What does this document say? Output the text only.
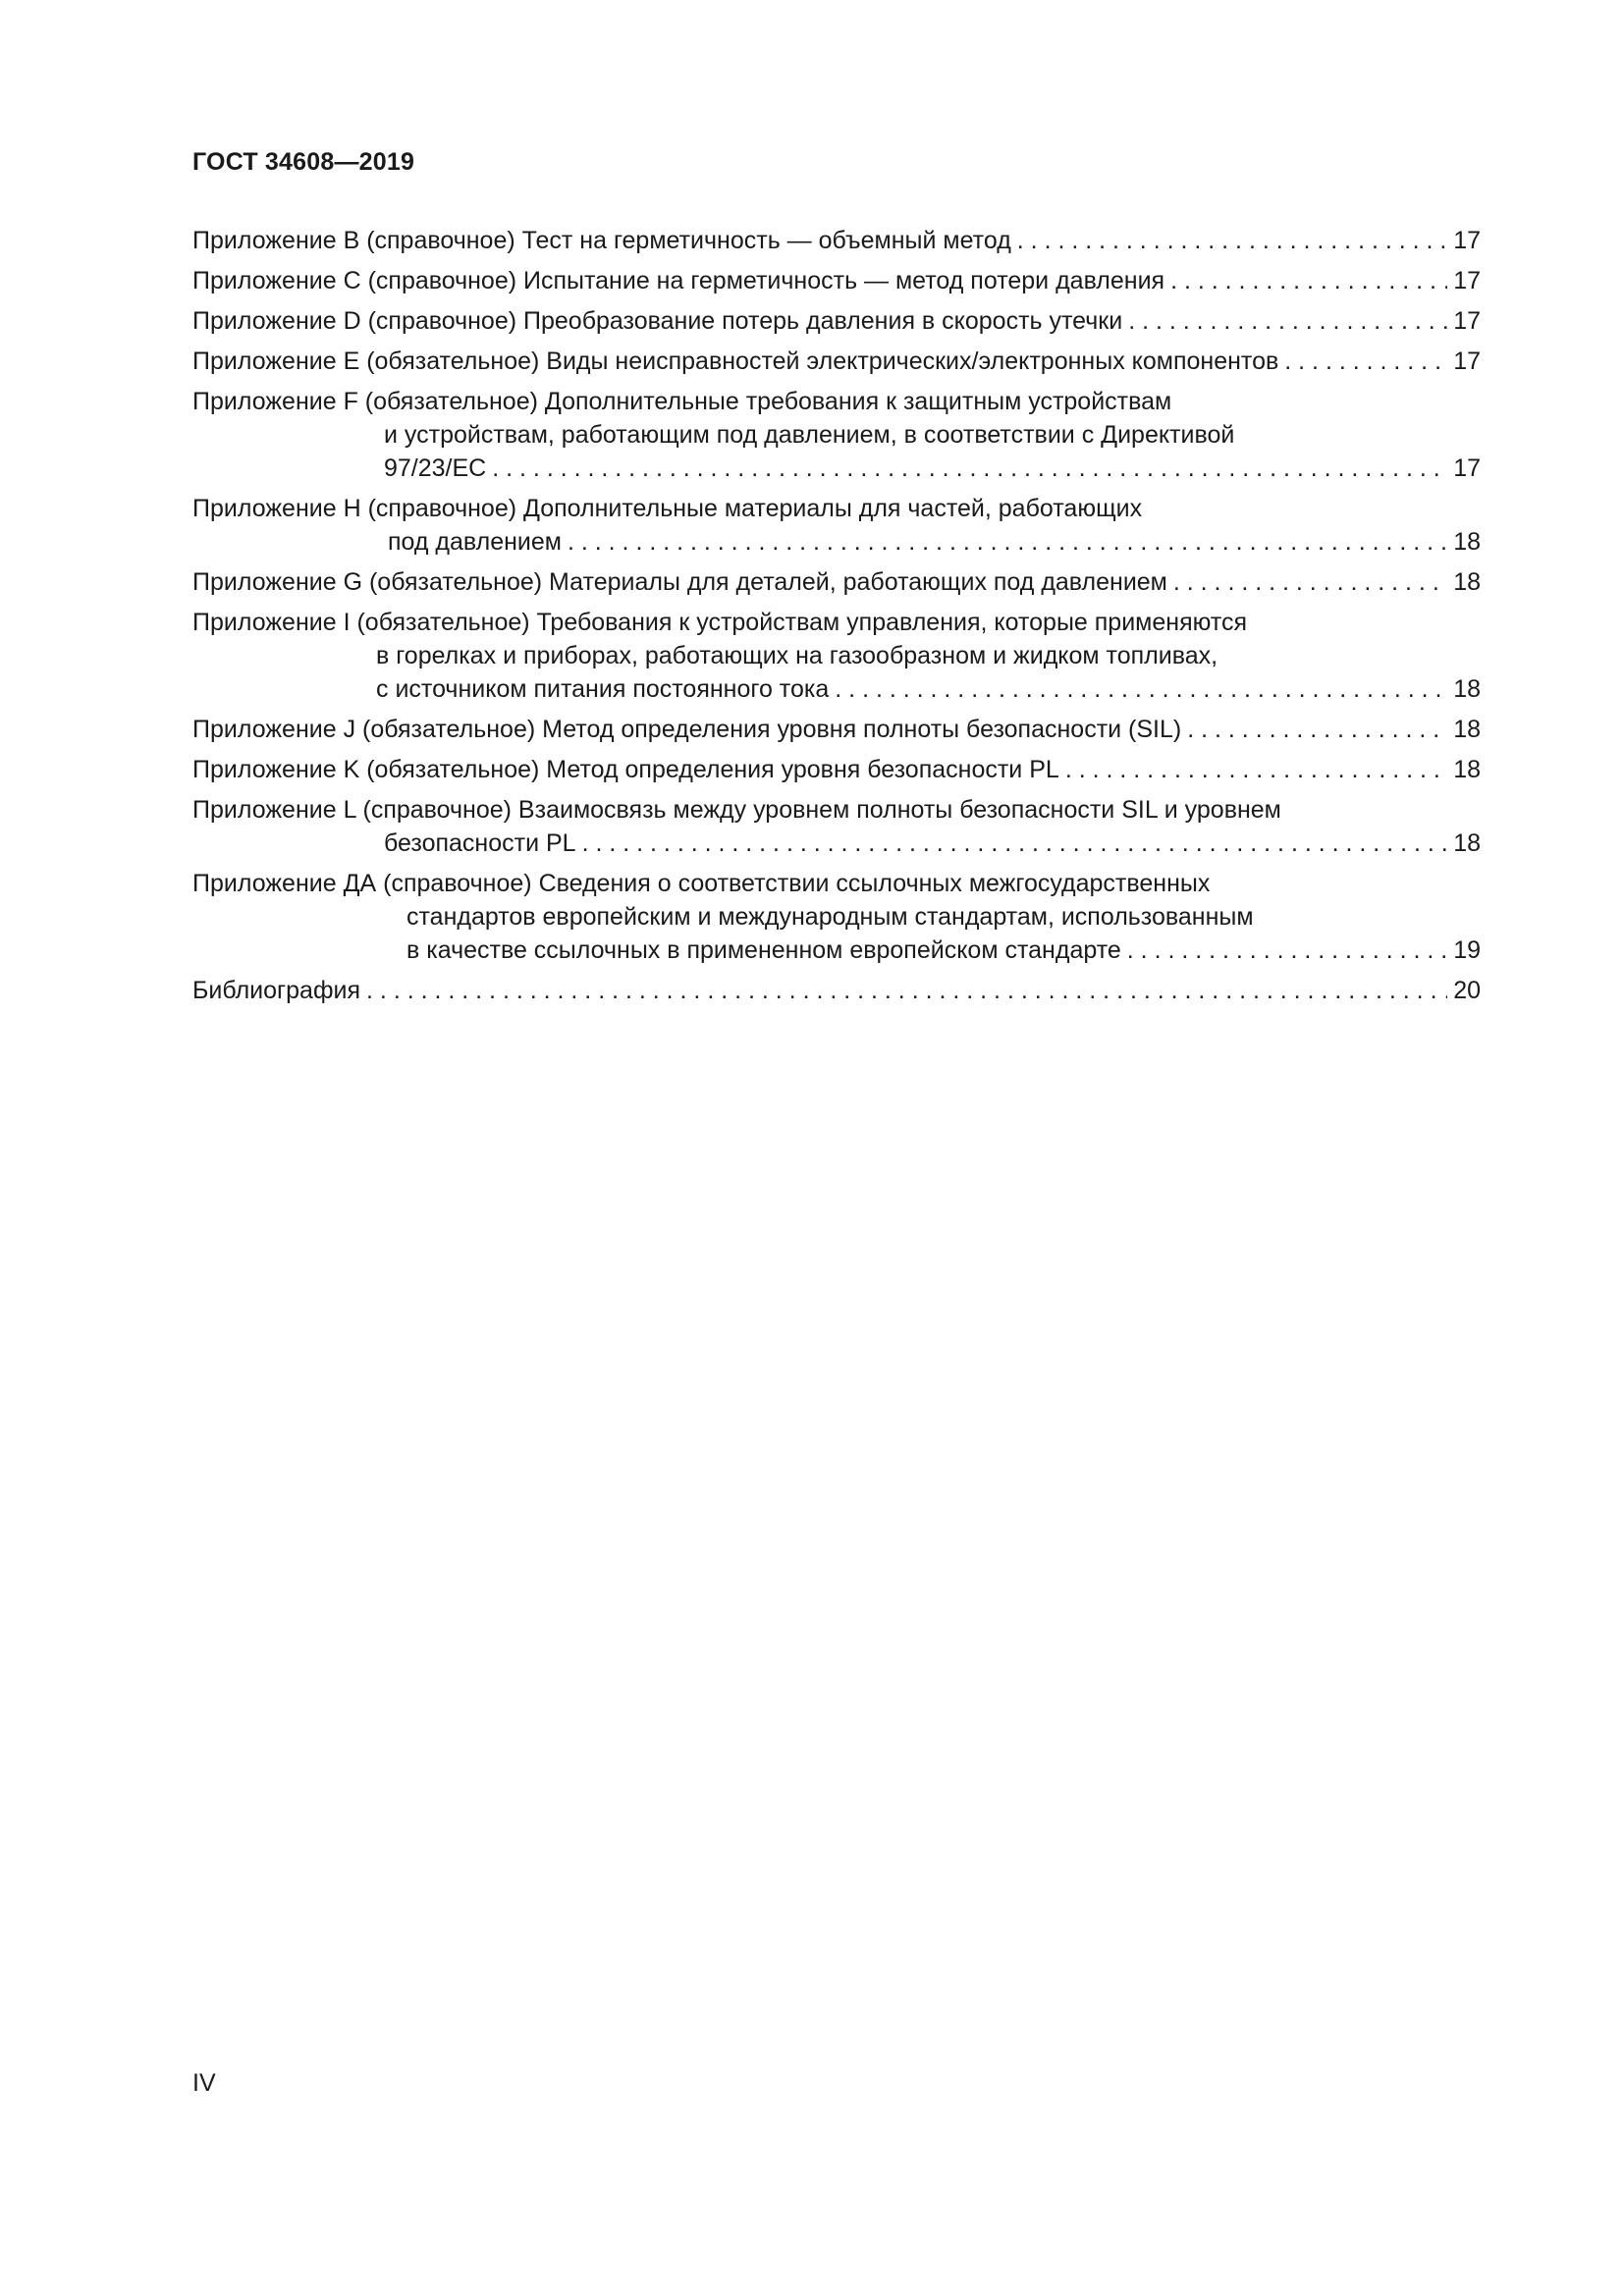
ГОСТ 34608—2019
Приложение B (справочное) Тест на герметичность — объемный метод . . .	17
Приложение C (справочное) Испытание на герметичность — метод потери давления . . .	17
Приложение D (справочное) Преобразование потерь давления в скорость утечки . . .	17
Приложение E (обязательное) Виды неисправностей электрических/электронных компонентов . . .	17
Приложение F (обязательное) Дополнительные требования к защитным устройствам
и устройствам, работающим под давлением, в соответствии с Директивой
97/23/EC . . .	17
Приложение H (справочное) Дополнительные материалы для частей, работающих
под давлением . . .	18
Приложение G (обязательное) Материалы для деталей, работающих под давлением . . .	18
Приложение I (обязательное) Требования к устройствам управления, которые применяются
в горелках и приборах, работающих на газообразном и жидком топливах,
с источником питания постоянного тока . . .	18
Приложение J (обязательное) Метод определения уровня полноты безопасности (SIL) . . .	18
Приложение K (обязательное) Метод определения уровня безопасности PL . . .	18
Приложение L (справочное) Взаимосвязь между уровнем полноты безопасности SIL и уровнем
безопасности PL . . .	18
Приложение ДА (справочное) Сведения о соответствии ссылочных межгосударственных
стандартов европейским и международным стандартам, использованным
в качестве ссылочных в примененном европейском стандарте . . .	19
Библиография . . .	20
IV
